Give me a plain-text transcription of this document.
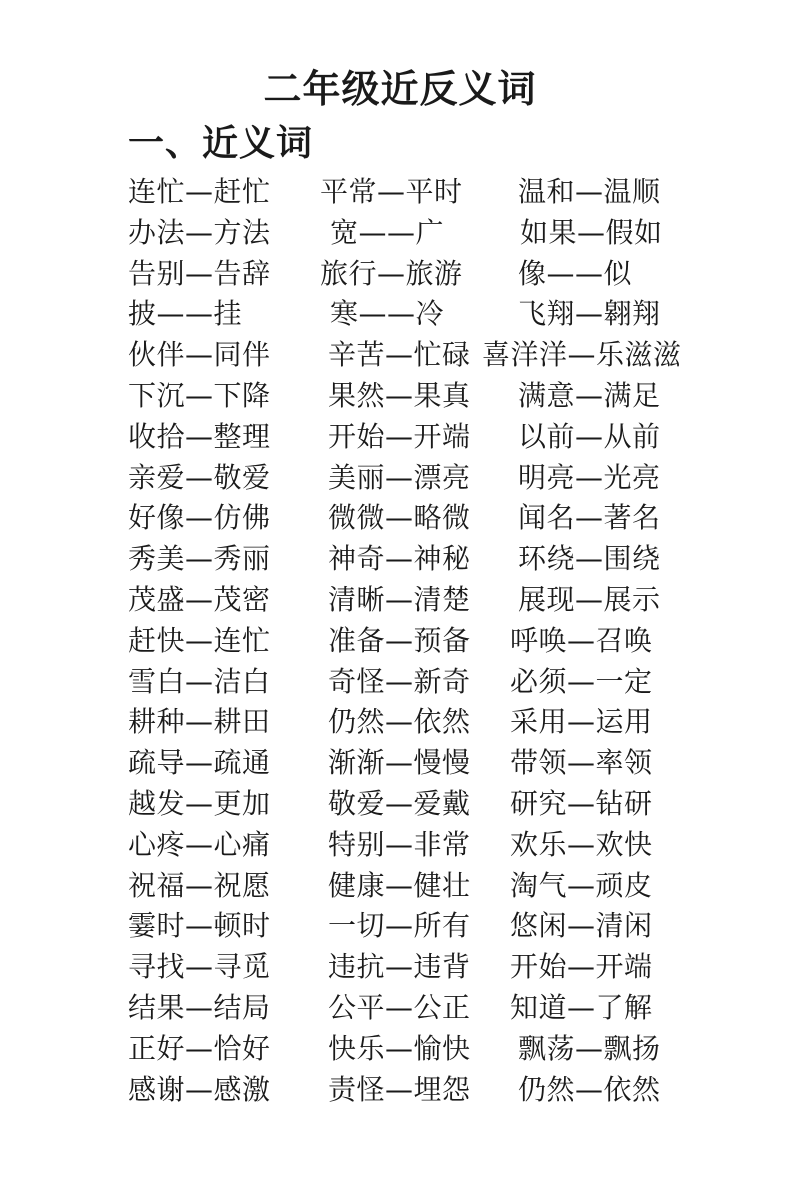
二年级近反义词
一、近义词
连忙—赶忙 平常—平时 温和—温顺
办法—方法 宽——广	如果—假如
告别—告辞 旅行—旅游 像——似
披——挂	寒——冷	飞翔—翱翔
伙伴—同伴 辛苦—忙碌 喜洋洋—乐滋滋
下沉—下降 果然—果真 满意—满足
收拾—整理 开始—开端 以前—从前
亲爱—敬爱 美丽—漂亮 明亮—光亮
好像—仿佛 微微—略微 闻名—著名
秀美—秀丽 神奇—神秘 环绕—围绕
茂盛—茂密 清晰—清楚 展现—展示
赶快—连忙 准备—预备 呼唤—召唤
雪白—洁白 奇怪—新奇 必须—一定
耕种—耕田 仍然—依然 采用—运用
疏导—疏通 渐渐—慢慢 带领—率领
越发—更加 敬爱—爱戴 研究—钻研
心疼—心痛 特别—非常 欢乐—欢快
祝福—祝愿 健康—健壮 淘气—顽皮
霎时—顿时 一切—所有 悠闲—清闲
寻找—寻觅 违抗—违背 开始—开端
结果—结局 公平—公正 知道—了解
正好—恰好 快乐—愉快 飘荡—飘扬
感谢—感激 责怪—埋怨 仍然—依然
